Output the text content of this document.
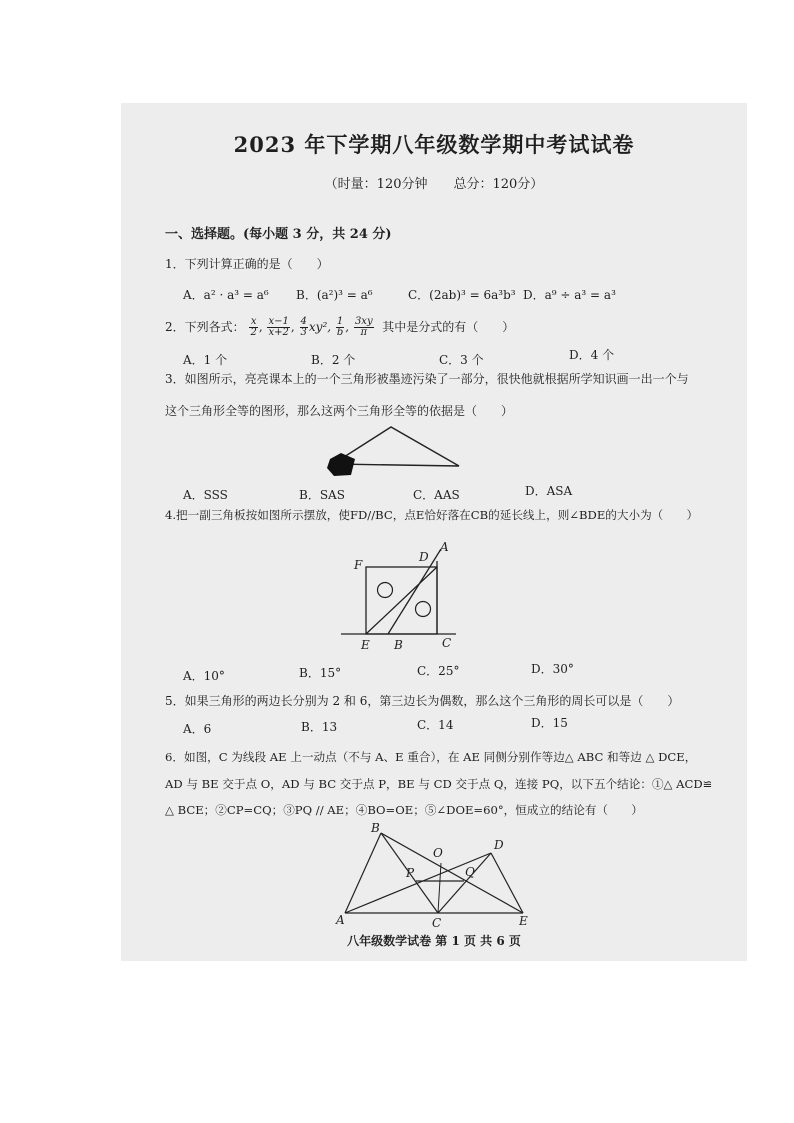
2023 年下学期八年级数学期中考试试卷
（时量：120分钟　　总分：120分）
一、选择题。(每小题 3 分，共 24 分)
1．下列计算正确的是（　　）
A．a² · a³ = a⁶ B．(a²)³ = a⁶	C．(2ab)³ = 6a³b³ D．a⁹ ÷ a³ = a³
2．下列各式： $\frac{x}{2}$ , $\frac{x-1}{x+2}$ , $\frac{4}{3} xy^2$, $\frac{1}{b}$ , $\frac{3xy}{\pi}$ 其中是分式的有（　　）
A．1 个	B．2 个	C．3 个	D．4 个
3．如图所示，亮亮课本上的一个三角形被墨迹污染了一部分，很快他就根据所学知识画一出一个与
这个三角形全等的图形，那么这两个三角形全等的依据是（　　）
A．SSS	B．SAS	C．AAS	D．ASA
4.把一副三角板按如图所示摆放，使FD//BC，点E恰好落在CB的延长线上，则∠BDE的大小为（　　）
F
D
A
E B	C
A．10°	B．15°	C．25°	D．30°
5．如果三角形的两边长分别为 2 和 6，第三边长为偶数，那么这个三角形的周长可以是（　　）
A．6	B．13	C．14	D．15
6．如图，C 为线段 AE 上一动点（不与 A、E 重合），在 AE 同侧分别作等边△ ABC 和等边 △ DCE，
AD 与 BE 交于点 O，AD 与 BC 交于点 P，BE 与 CD 交于点 Q，连接 PQ，以下五个结论：①△ ACD≌
△ BCE；②CP=CQ；③PQ // AE；④BO=OE；⑤∠DOE=60°，恒成立的结论有（　　）
B
O
D
P	Q
A	C	E
八年级数学试卷 第 1 页 共 6 页
